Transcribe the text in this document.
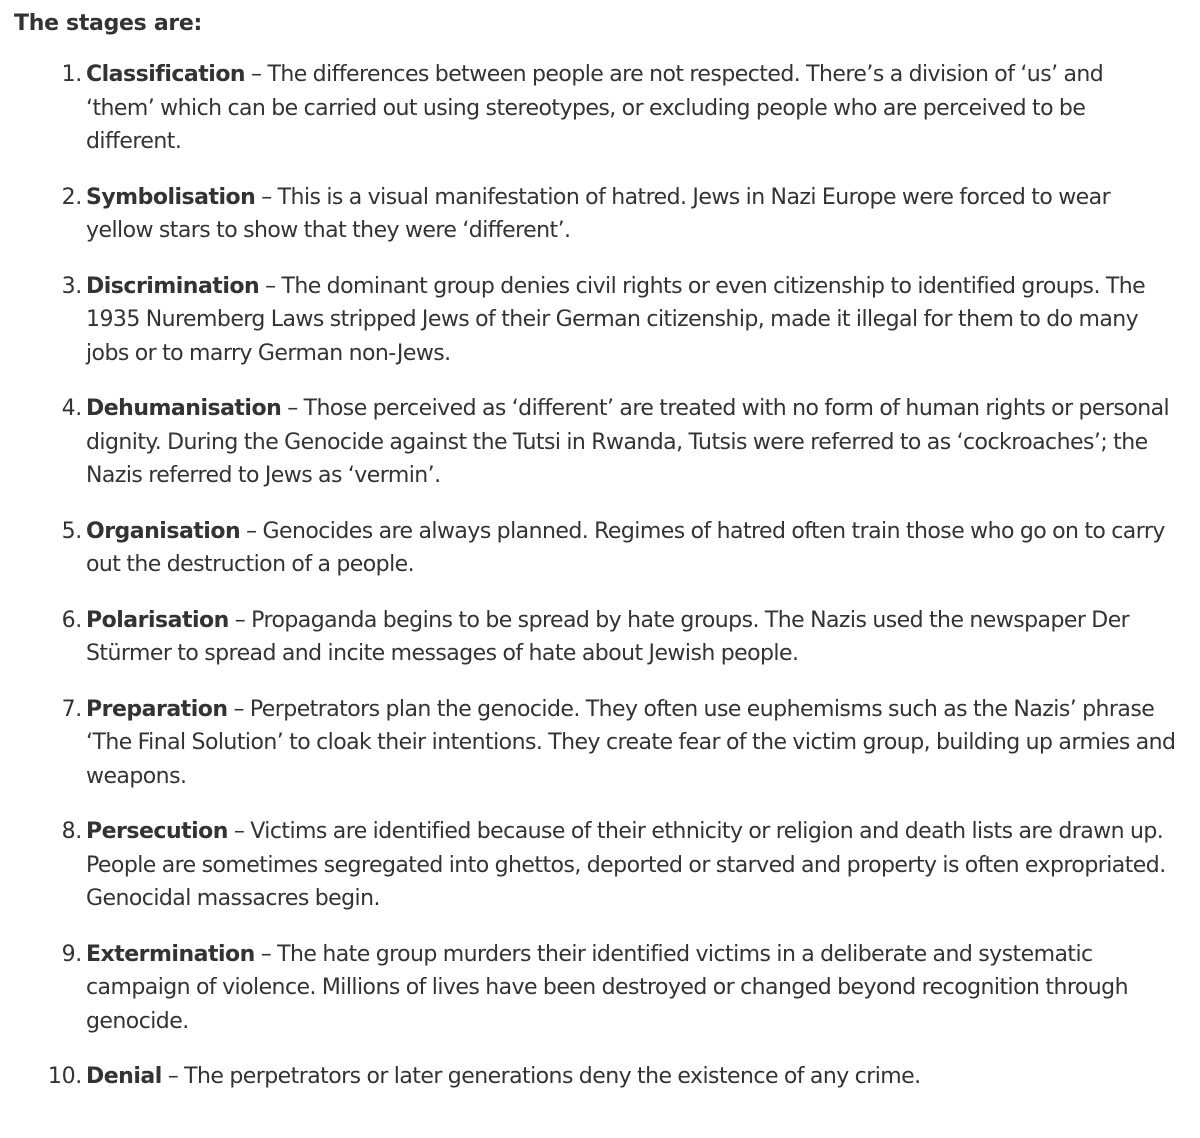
The stages are:
1. Classification – The differences between people are not respected. There’s a division of ‘us’ and ‘them’ which can be carried out using stereotypes, or excluding people who are perceived to be different.
2. Symbolisation – This is a visual manifestation of hatred. Jews in Nazi Europe were forced to wear yellow stars to show that they were ‘different’.
3. Discrimination – The dominant group denies civil rights or even citizenship to identified groups. The 1935 Nuremberg Laws stripped Jews of their German citizenship, made it illegal for them to do many jobs or to marry German non-Jews.
4. Dehumanisation – Those perceived as ‘different’ are treated with no form of human rights or personal dignity. During the Genocide against the Tutsi in Rwanda, Tutsis were referred to as ‘cockroaches’; the Nazis referred to Jews as ‘vermin’.
5. Organisation – Genocides are always planned. Regimes of hatred often train those who go on to carry out the destruction of a people.
6. Polarisation – Propaganda begins to be spread by hate groups. The Nazis used the newspaper Der Stürmer to spread and incite messages of hate about Jewish people.
7. Preparation – Perpetrators plan the genocide. They often use euphemisms such as the Nazis’ phrase ‘The Final Solution’ to cloak their intentions. They create fear of the victim group, building up armies and weapons.
8. Persecution – Victims are identified because of their ethnicity or religion and death lists are drawn up. People are sometimes segregated into ghettos, deported or starved and property is often expropriated. Genocidal massacres begin.
9. Extermination – The hate group murders their identified victims in a deliberate and systematic campaign of violence. Millions of lives have been destroyed or changed beyond recognition through genocide.
10. Denial – The perpetrators or later generations deny the existence of any crime.
